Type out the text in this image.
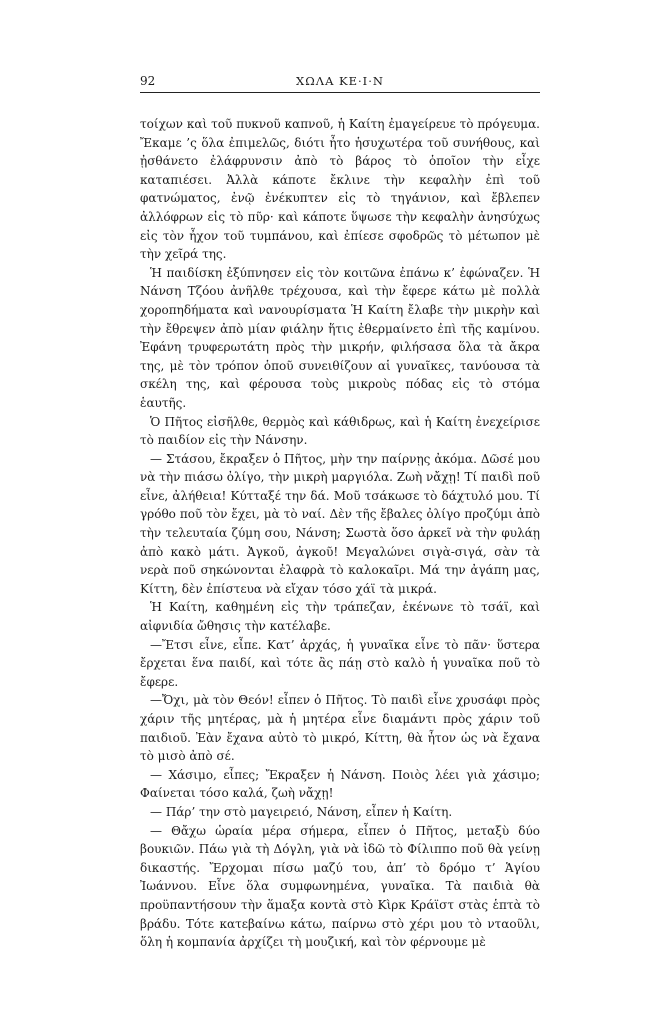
92	ΧΩΛΑ ΚΕ·Ι·Ν

τοίχων καὶ τοῦ πυκνοῦ καπνοῦ, ἡ Καίτη ἐμαγείρευε τὸ πρόγευμα. Ἔκαμε ’ς ὅλα ἐπιμελῶς, διότι ἦτο ἡσυχωτέρα τοῦ συνήθους, καὶ ᾐσθάνετο ἐλάφρυνσιν ἀπὸ τὸ βάρος τὸ ὁποῖον τὴν εἶχε καταπιέσει. Ἀλλὰ κάποτε ἔκλινε τὴν κεφαλὴν ἐπὶ τοῦ φατνώματος, ἐνῷ ἐνέκυπτεν εἰς τὸ τηγάνιον, καὶ ἔβλεπεν ἀλλόφρων εἰς τὸ πῦρ· καὶ κάποτε ὕψωσε τὴν κεφαλὴν ἀνησύχως εἰς τὸν ἦχον τοῦ τυμπάνου, καὶ ἐπίεσε σφοδρῶς τὸ μέτωπον μὲ τὴν χεῖρά της.

Ἡ παιδίσκη ἐξύπνησεν εἰς τὸν κοιτῶνα ἐπάνω κ’ ἐφώναζεν. Ἡ Νάνση Τζόου ἀνῆλθε τρέχουσα, καὶ τὴν ἔφερε κάτω μὲ πολλὰ χοροπηδήματα καὶ νανουρίσματα Ἡ Καίτη ἔλαβε τὴν μικρὴν καὶ τὴν ἔθρεψεν ἀπὸ μίαν φιάλην ἥτις ἐθερμαίνετο ἐπὶ τῆς καμίνου. Ἐφάνη τρυφερωτάτη πρὸς τὴν μικρήν, φιλήσασα ὅλα τὰ ἄκρα της, μὲ τὸν τρόπον ὁποῦ συνειθίζουν αἱ γυναῖκες, τανύουσα τὰ σκέλη της, καὶ φέρουσα τοὺς μικροὺς πόδας εἰς τὸ στόμα ἑαυτῆς.

Ὁ Πῆτος εἰσῆλθε, θερμὸς καὶ κάθιδρως, καὶ ἡ Καίτη ἐνεχείρισε τὸ παιδίον εἰς τὴν Νάνσην.

— Στάσου, ἔκραξεν ὁ Πῆτος, μὴν την παίρνῃς ἀκόμα. Δῶσέ μου νὰ τὴν πιάσω ὀλίγο, τὴν μικρὴ μαργιόλα. Ζωὴ νἄχῃ! Τί παιδὶ ποῦ εἶνε, ἀλήθεια! Κύτταξέ την δά. Μοῦ τσάκωσε τὸ δάχτυλό μου. Τί γρόθο ποῦ τὸν ἔχει, μὰ τὸ ναί. Δὲν τῆς ἔβαλες ὀλίγο προζύμι ἀπὸ τὴν τελευταία ζύμη σου, Νάνση; Σωστὰ ὅσο ἀρκεῖ νὰ τὴν φυλάῃ ἀπὸ κακὸ μάτι. Ἀγκοῦ, ἀγκοῦ! Μεγαλώνει σιγὰ-σιγά, σὰν τὰ νερὰ ποῦ σηκώνονται ἐλαφρὰ τὸ καλοκαῖρι. Μά την ἀγάπη μας, Κίττη, δὲν ἐπίστευα νὰ εἴχαν τόσο χάϊ τὰ μικρά.

Ἡ Καίτη, καθημένη εἰς τὴν τράπεζαν, ἐκένωνε τὸ τσάϊ, καὶ αἰφνιδία ὤθησις τὴν κατέλαβε.

—Ἔτσι εἶνε, εἶπε. Κατ’ ἀρχάς, ἡ γυναῖκα εἶνε τὸ πᾶν· ὕστερα ἔρχεται ἕνα παιδί, καὶ τότε ἂς πάῃ στὸ καλὸ ἡ γυναῖκα ποῦ τὸ ἔφερε.

—Ὄχι, μὰ τὸν Θεόν! εἶπεν ὁ Πῆτος. Τὸ παιδὶ εἶνε χρυσάφι πρὸς χάριν τῆς μητέρας, μὰ ἡ μητέρα εἶνε διαμάντι πρὸς χάριν τοῦ παιδιοῦ. Ἐὰν ἔχανα αὐτὸ τὸ μικρό, Κίττη, θὰ ἦτον ὡς νὰ ἔχανα τὸ μισὸ ἀπὸ σέ.

— Χάσιμο, εἶπες; Ἔκραξεν ἡ Νάνση. Ποιὸς λέει γιὰ χάσιμο; Φαίνεται τόσο καλά, ζωὴ νἄχῃ!

— Πάρ’ την στὸ μαγειρειό, Νάνση, εἶπεν ἡ Καίτη.

— Θἄχω ὡραία μέρα σήμερα, εἶπεν ὁ Πῆτος, μεταξὺ δύο βουκιῶν. Πάω γιὰ τὴ Δόγλη, γιὰ νὰ ἰδῶ τὸ Φίλιππο ποῦ θὰ γείνῃ δικαστής. Ἔρχομαι πίσω μαζύ του, ἀπ’ τὸ δρόμο τ’ Ἁγίου Ἰωάννου. Εἶνε ὅλα συμφωνημένα, γυναῖκα. Τὰ παιδιὰ θὰ προϋπαντήσουν τὴν ἅμαξα κοντὰ στὸ Κὶρκ Κράϊστ στὰς ἑπτὰ τὸ βράδυ. Τότε κατεβαίνω κάτω, παίρνω στὸ χέρι μου τὸ νταοῦλι, ὅλη ἡ κομπανία ἀρχίζει τὴ μουζική, καὶ τὸν φέρνουμε μὲ
